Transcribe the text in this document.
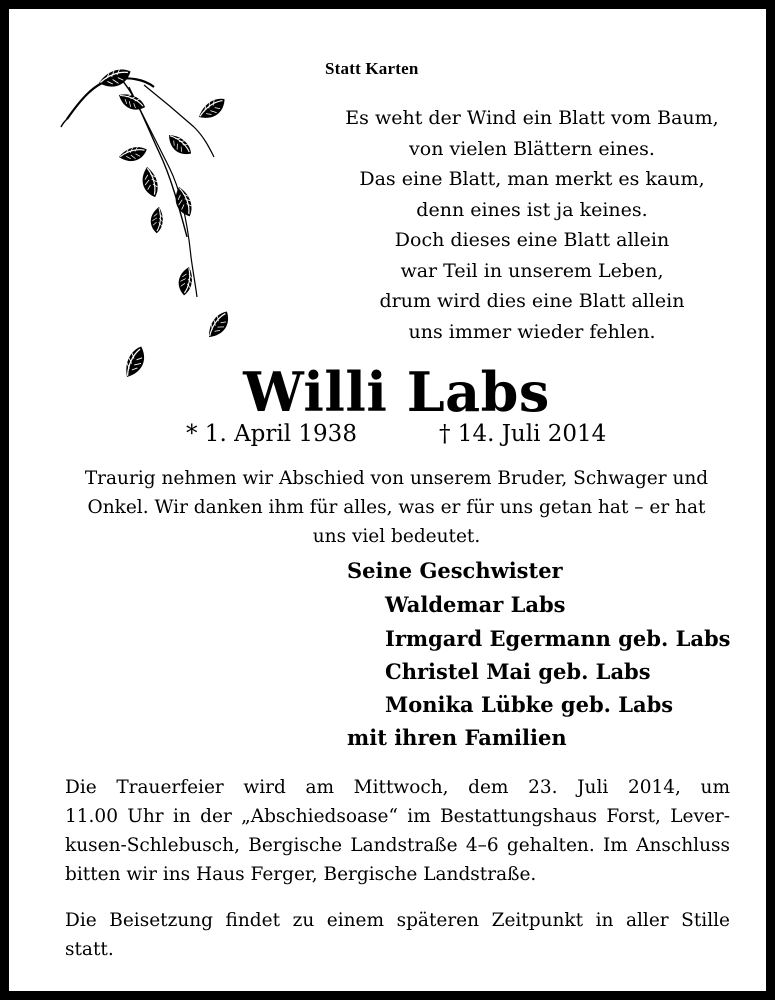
Statt Karten
Es weht der Wind ein Blatt vom Baum,
von vielen Blättern eines.
Das eine Blatt, man merkt es kaum,
denn eines ist ja keines.
Doch dieses eine Blatt allein
war Teil in unserem Leben,
drum wird dies eine Blatt allein
uns immer wieder fehlen.
Willi Labs
* 1. April 1938	† 14. Juli 2014
Traurig nehmen wir Abschied von unserem Bruder, Schwager und
Onkel. Wir danken ihm für alles, was er für uns getan hat – er hat
uns viel bedeutet.
Seine Geschwister
Waldemar Labs
Irmgard Egermann geb. Labs
Christel Mai geb. Labs
Monika Lübke geb. Labs
mit ihren Familien
Die Trauerfeier wird am Mittwoch, dem 23. Juli 2014, um
11.00 Uhr in der „Abschiedsoase“ im Bestattungshaus Forst, Lever-
kusen-Schlebusch, Bergische Landstraße 4–6 gehalten. Im Anschluss
bitten wir ins Haus Ferger, Bergische Landstraße.
Die Beisetzung findet zu einem späteren Zeitpunkt in aller Stille
statt.
